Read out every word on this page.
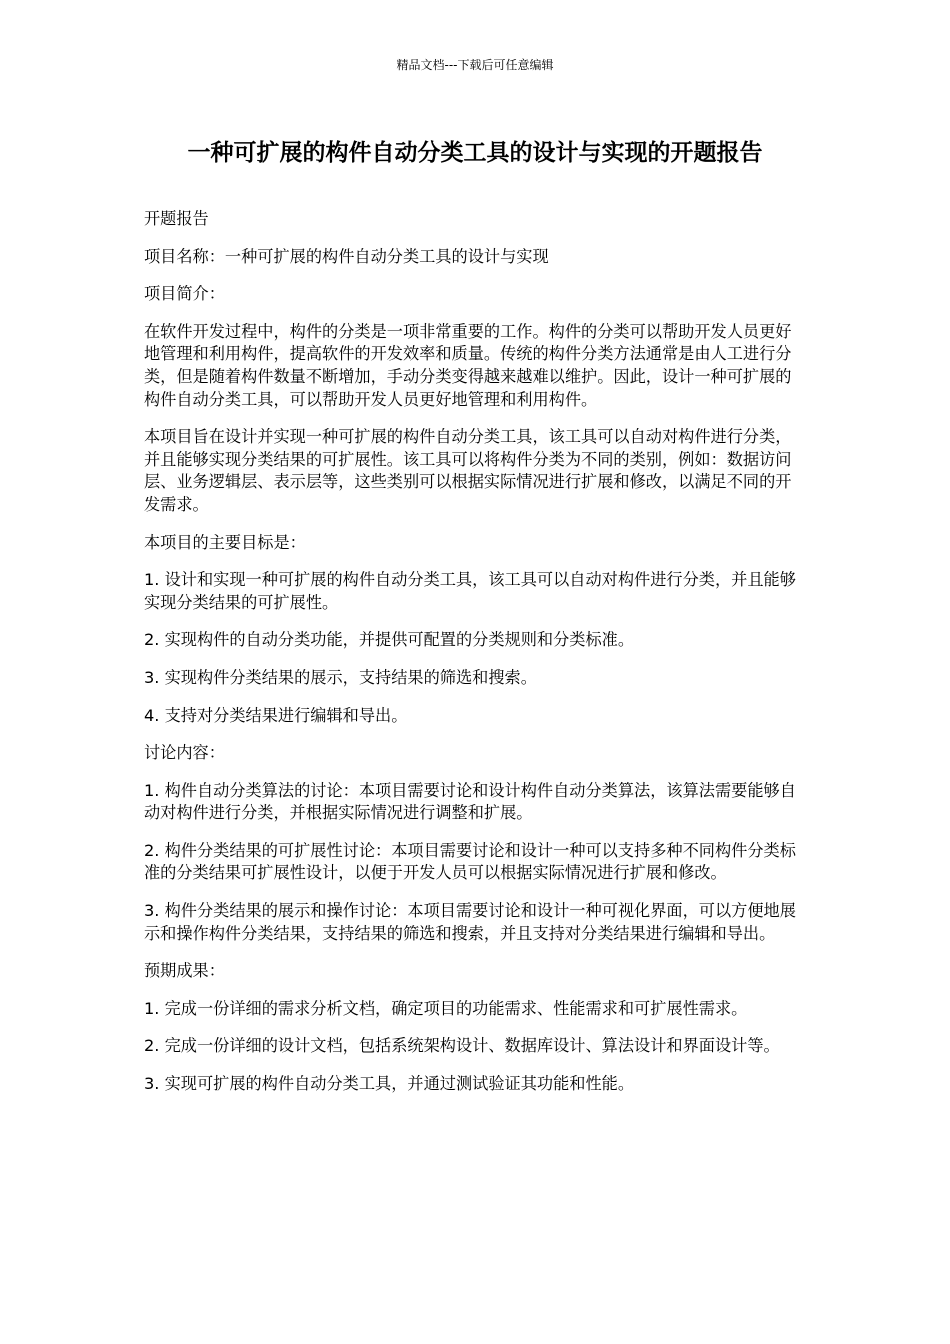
精品文档---下载后可任意编辑
一种可扩展的构件自动分类工具的设计与实现的开题报告

开题报告

项目名称：一种可扩展的构件自动分类工具的设计与实现

项目简介：

在软件开发过程中，构件的分类是一项非常重要的工作。构件的分类可以帮助开发人员更好地管理和利用构件，提高软件的开发效率和质量。传统的构件分类方法通常是由人工进行分类，但是随着构件数量不断增加，手动分类变得越来越难以维护。因此，设计一种可扩展的构件自动分类工具，可以帮助开发人员更好地管理和利用构件。

本项目旨在设计并实现一种可扩展的构件自动分类工具，该工具可以自动对构件进行分类，并且能够实现分类结果的可扩展性。该工具可以将构件分类为不同的类别，例如：数据访问层、业务逻辑层、表示层等，这些类别可以根据实际情况进行扩展和修改，以满足不同的开发需求。

本项目的主要目标是：

1. 设计和实现一种可扩展的构件自动分类工具，该工具可以自动对构件进行分类，并且能够实现分类结果的可扩展性。

2. 实现构件的自动分类功能，并提供可配置的分类规则和分类标准。

3. 实现构件分类结果的展示，支持结果的筛选和搜索。

4. 支持对分类结果进行编辑和导出。

讨论内容：

1. 构件自动分类算法的讨论：本项目需要讨论和设计构件自动分类算法，该算法需要能够自动对构件进行分类，并根据实际情况进行调整和扩展。

2. 构件分类结果的可扩展性讨论：本项目需要讨论和设计一种可以支持多种不同构件分类标准的分类结果可扩展性设计，以便于开发人员可以根据实际情况进行扩展和修改。

3. 构件分类结果的展示和操作讨论：本项目需要讨论和设计一种可视化界面，可以方便地展示和操作构件分类结果，支持结果的筛选和搜索，并且支持对分类结果进行编辑和导出。

预期成果：

1. 完成一份详细的需求分析文档，确定项目的功能需求、性能需求和可扩展性需求。

2. 完成一份详细的设计文档，包括系统架构设计、数据库设计、算法设计和界面设计等。

3. 实现可扩展的构件自动分类工具，并通过测试验证其功能和性能。
